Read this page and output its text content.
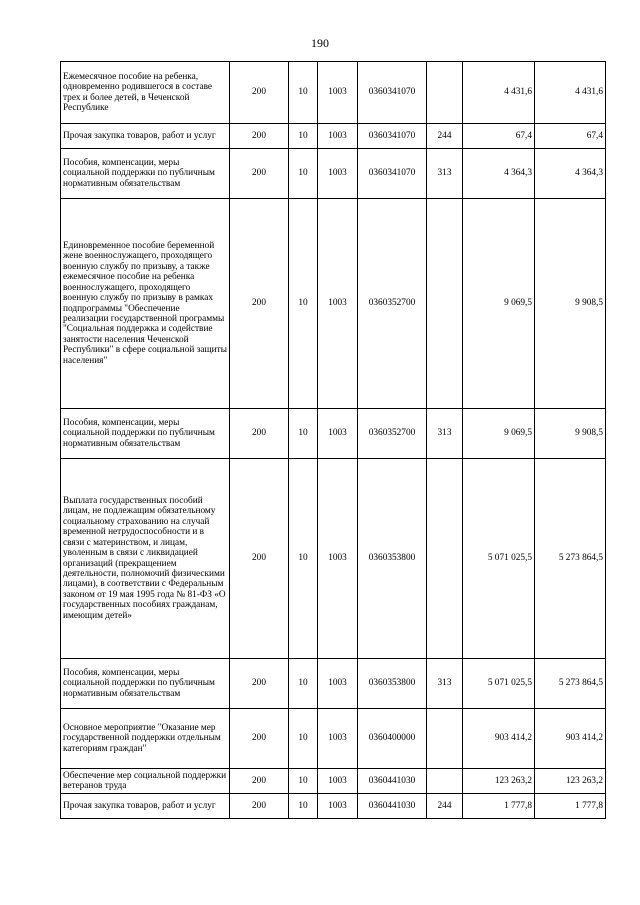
190
Ежемесячное пособие на ребенка, одновременно родившегося в составе трех и более детей, в Чеченской Республике	200	10	1003	0360341070		4 431,6	4 431,6
Прочая закупка товаров, работ и услуг	200	10	1003	0360341070	244	67,4	67,4
Пособия, компенсации, меры социальной поддержки по публичным нормативным обязательствам	200	10	1003	0360341070	313	4 364,3	4 364,3
Единовременное пособие беременной жене военнослужащего, проходящего военную службу по призыву, а также ежемесячное пособие на ребенка военнослужащего, проходящего военную службу по призыву в рамках подпрограммы "Обеспечение реализации государственной программы "Социальная поддержка и содействие занятости населения Чеченской Республики" в сфере социальной защиты населения"	200	10	1003	0360352700		9 069,5	9 908,5
Пособия, компенсации, меры социальной поддержки по публичным нормативным обязательствам	200	10	1003	0360352700	313	9 069,5	9 908,5
Выплата государственных пособий лицам, не подлежащим обязательному социальному страхованию на случай временной нетрудоспособности и в связи с материнством, и лицам, уволенным в связи с ликвидацией организаций (прекращением деятельности, полномочий физическими лицами), в соответствии с Федеральным законом от 19 мая 1995 года № 81-ФЗ «О государственных пособиях гражданам, имеющим детей»	200	10	1003	0360353800		5 071 025,5	5 273 864,5
Пособия, компенсации, меры социальной поддержки по публичным нормативным обязательствам	200	10	1003	0360353800	313	5 071 025,5	5 273 864,5
Основное мероприятие "Оказание мер государственной поддержки отдельным категориям граждан"	200	10	1003	0360400000		903 414,2	903 414,2
Обеспечение мер социальной поддержки ветеранов труда	200	10	1003	0360441030		123 263,2	123 263,2
Прочая закупка товаров, работ и услуг	200	10	1003	0360441030	244	1 777,8	1 777,8
